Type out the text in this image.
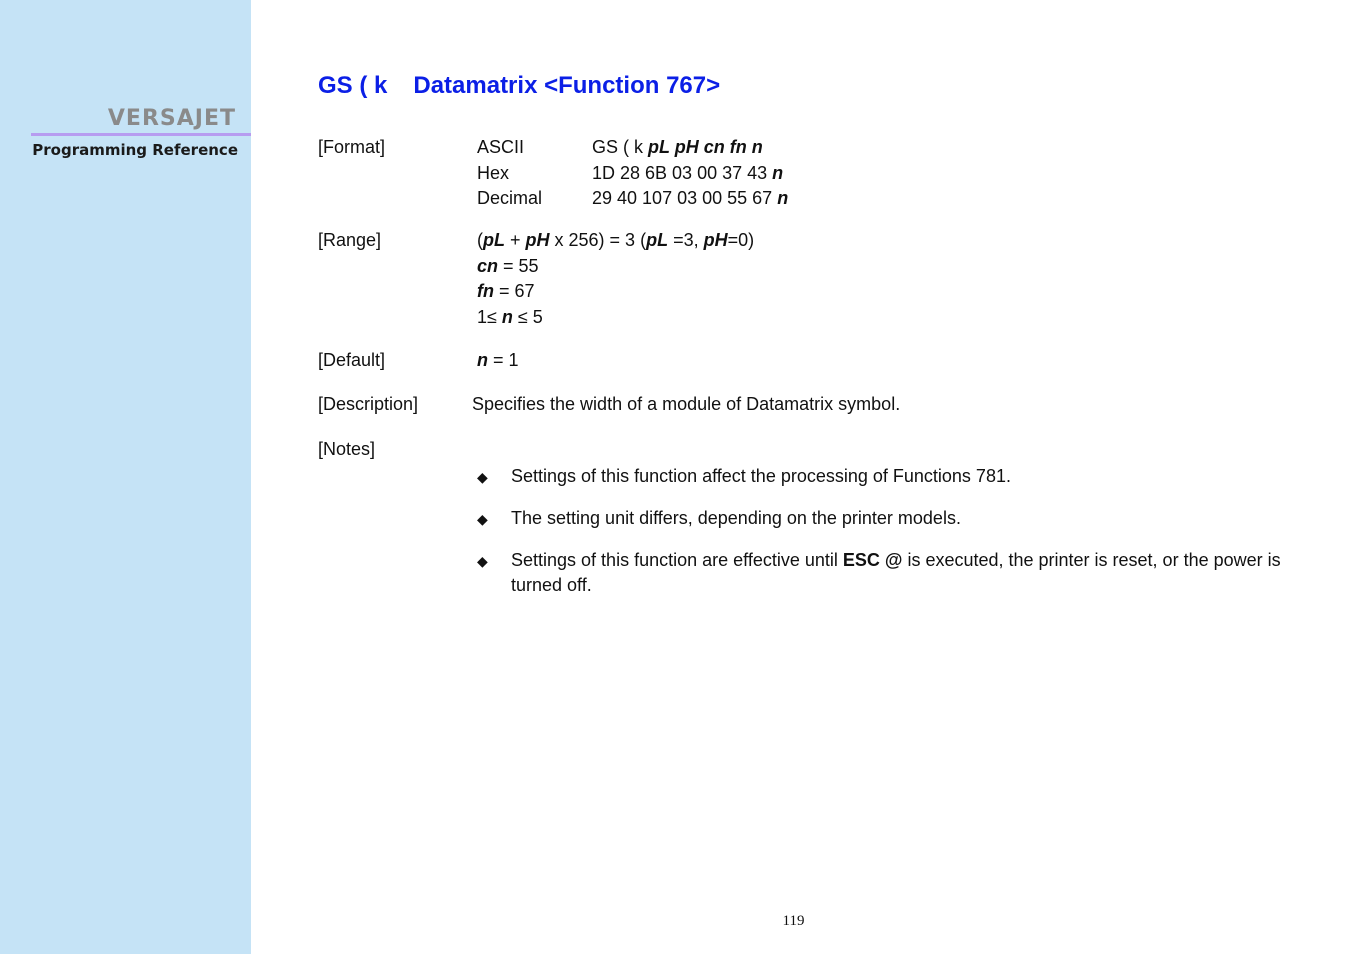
VERSAJET
Programming Reference
GS ( k Datamatrix <Function 767>
[Format]	ASCII	GS ( k pL pH cn fn n
Hex	1D 28 6B 03 00 37 43 n
Decimal	29 40 107 03 00 55 67 n
[Range]	(pL + pH x 256) = 3 (pL =3, pH=0)
cn = 55
fn = 67
1≤ n ≤ 5
[Default]	n = 1
[Description]	Specifies the width of a module of Datamatrix symbol.
[Notes]
◆ Settings of this function affect the processing of Functions 781.
◆ The setting unit differs, depending on the printer models.
◆ Settings of this function are effective until ESC @ is executed, the printer is reset, or the power is turned off.
119
